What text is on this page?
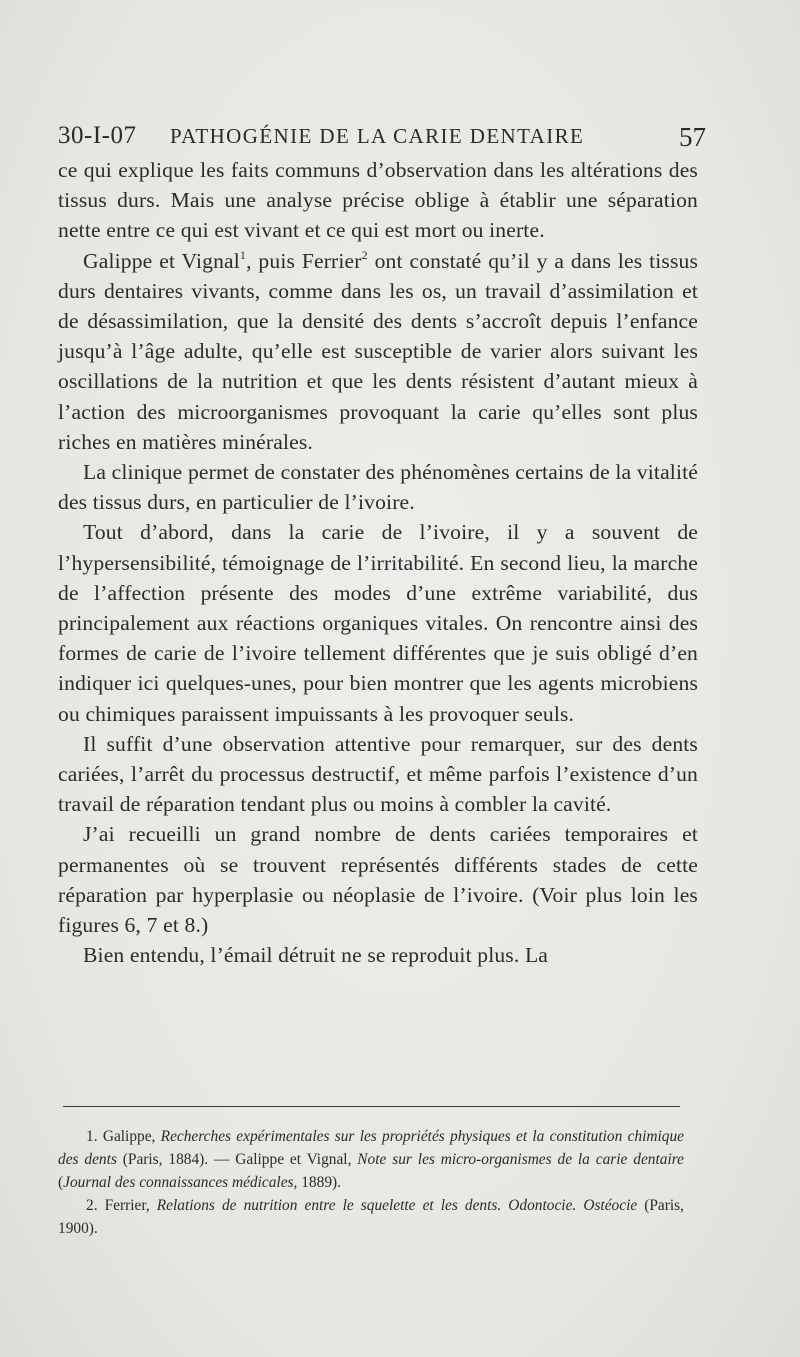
30-I-07 PATHOGÉNIE DE LA CARIE DENTAIRE	57

ce qui explique les faits communs d’observation dans les altérations des tissus durs. Mais une analyse précise oblige à établir une séparation nette entre ce qui est vivant et ce qui est mort ou inerte.

Galippe et Vignal$^1$, puis Ferrier$^2$ ont constaté qu’il y a dans les tissus durs dentaires vivants, comme dans les os, un travail d’assimilation et de désassimilation, que la densité des dents s’accroît depuis l’enfance jusqu’à l’âge adulte, qu’elle est susceptible de varier alors suivant les oscillations de la nutrition et que les dents résistent d’autant mieux à l’action des microorganismes provoquant la carie qu’elles sont plus riches en matières minérales.

La clinique permet de constater des phénomènes certains de la vitalité des tissus durs, en particulier de l’ivoire.

Tout d’abord, dans la carie de l’ivoire, il y a souvent de l’hypersensibilité, témoignage de l’irritabilité. En second lieu, la marche de l’affection présente des modes d’une extrême variabilité, dus principalement aux réactions organiques vitales. On rencontre ainsi des formes de carie de l’ivoire tellement différentes que je suis obligé d’en indiquer ici quelques-unes, pour bien montrer que les agents microbiens ou chimiques paraissent impuissants à les provoquer seuls.

Il suffit d’une observation attentive pour remarquer, sur des dents cariées, l’arrêt du processus destructif, et même parfois l’existence d’un travail de réparation tendant plus ou moins à combler la cavité.

J’ai recueilli un grand nombre de dents cariées temporaires et permanentes où se trouvent représentés différents stades de cette réparation par hyperplasie ou néoplasie de l’ivoire. (Voir plus loin les figures 6, 7 et 8.)

Bien entendu, l’émail détruit ne se reproduit plus. La

1. Galippe, Recherches expérimentales sur les propriétés physiques et la constitution chimique des dents (Paris, 1884). — Galippe et Vignal, Note sur les micro-organismes de la carie dentaire (Journal des connaissances médicales, 1889).

2. Ferrier, Relations de nutrition entre le squelette et les dents. Odontocie. Ostéocie (Paris, 1900).
